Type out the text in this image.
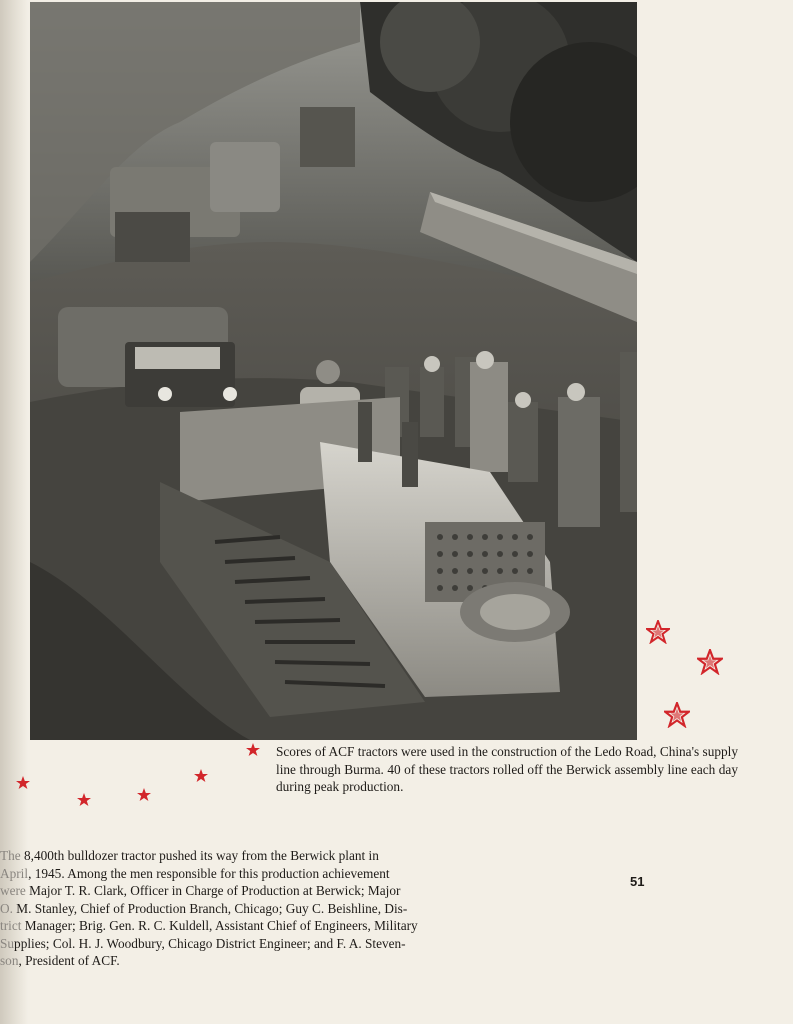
Scores of ACF tractors were used in the construction of the Ledo Road, China's supply line through Burma. 40 of these tractors rolled off the Berwick assembly line each day during peak production.
The 8,400th bulldozer tractor pushed its way from the Berwick plant in
April, 1945. Among the men responsible for this production achievement
were Major T. R. Clark, Officer in Charge of Production at Berwick; Major
O. M. Stanley, Chief of Production Branch, Chicago; Guy C. Beishline, Dis-
trict Manager; Brig. Gen. R. C. Kuldell, Assistant Chief of Engineers, Military
Supplies; Col. H. J. Woodbury, Chicago District Engineer; and F. A. Steven-
son, President of ACF.
51
